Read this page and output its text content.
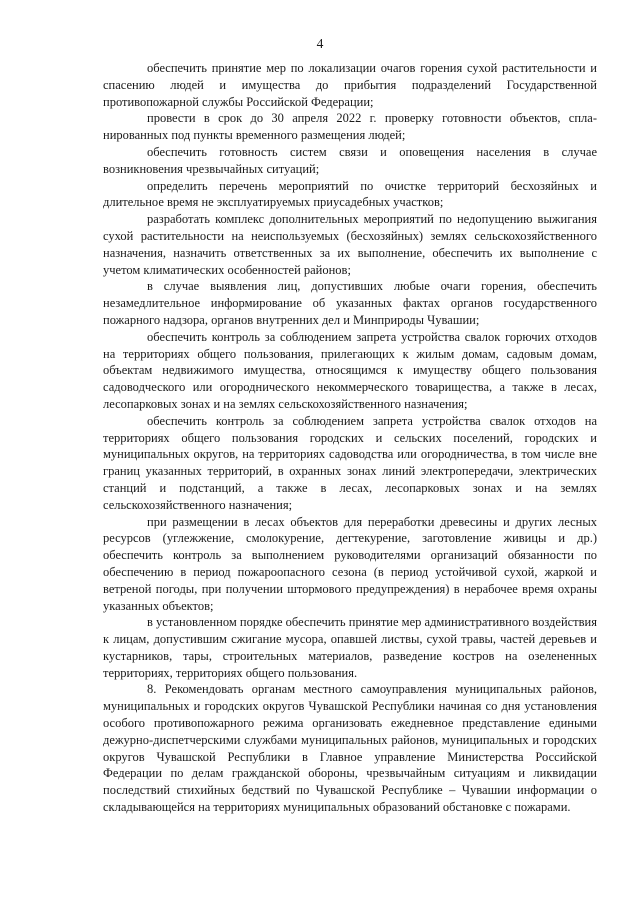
4

обеспечить принятие мер по локализации очагов горения сухой растительности и спасению людей и имущества до прибытия подразделений Государственной противопожарной службы Российской Федерации;

провести в срок до 30 апреля 2022 г. проверку готовности объектов, спланированных под пункты временного размещения людей;

обеспечить готовность систем связи и оповещения населения в случае возникновения чрезвычайных ситуаций;

определить перечень мероприятий по очистке территорий бесхозяйных и длительное время не эксплуатируемых приусадебных участков;

разработать комплекс дополнительных мероприятий по недопущению выжигания сухой растительности на неиспользуемых (бесхозяйных) землях сельскохозяйственного назначения, назначить ответственных за их выполнение, обеспечить их выполнение с учетом климатических особенностей районов;

в случае выявления лиц, допустивших любые очаги горения, обеспечить незамедлительное информирование об указанных фактах органов государственного пожарного надзора, органов внутренних дел и Минприроды Чувашии;

обеспечить контроль за соблюдением запрета устройства свалок горючих отходов на территориях общего пользования, прилегающих к жилым домам, садовым домам, объектам недвижимого имущества, относящимся к имуществу общего пользования садоводческого или огороднического некоммерческого товарищества, а также в лесах, лесопарковых зонах и на землях сельскохозяйственного назначения;

обеспечить контроль за соблюдением запрета устройства свалок отходов на территориях общего пользования городских и сельских поселений, городских и муниципальных округов, на территориях садоводства или огородничества, в том числе вне границ указанных территорий, в охранных зонах линий электропередачи, электрических станций и подстанций, а также в лесах, лесопарковых зонах и на землях сельскохозяйственного назначения;

при размещении в лесах объектов для переработки древесины и других лесных ресурсов (углежжение, смолокурение, дегтекурение, заготовление живицы и др.) обеспечить контроль за выполнением руководителями организаций обязанности по обеспечению в период пожароопасного сезона (в период устойчивой сухой, жаркой и ветреной погоды, при получении штормового предупреждения) в нерабочее время охраны указанных объектов;

в установленном порядке обеспечить принятие мер административного воздействия к лицам, допустившим сжигание мусора, опавшей листвы, сухой травы, частей деревьев и кустарников, тары, строительных материалов, разведение костров на озелененных территориях, территориях общего пользования.

8. Рекомендовать органам местного самоуправления муниципальных районов, муниципальных и городских округов Чувашской Республики начиная со дня установления особого противопожарного режима организовать ежедневное представление едиными дежурно-диспетчерскими службами муниципальных районов, муниципальных и городских округов Чувашской Республики в Главное управление Министерства Российской Федерации по делам гражданской обороны, чрезвычайным ситуациям и ликвидации последствий стихийных бедствий по Чувашской Республике – Чувашии информации о складывающейся на территориях муниципальных образований обстановке с пожарами.
